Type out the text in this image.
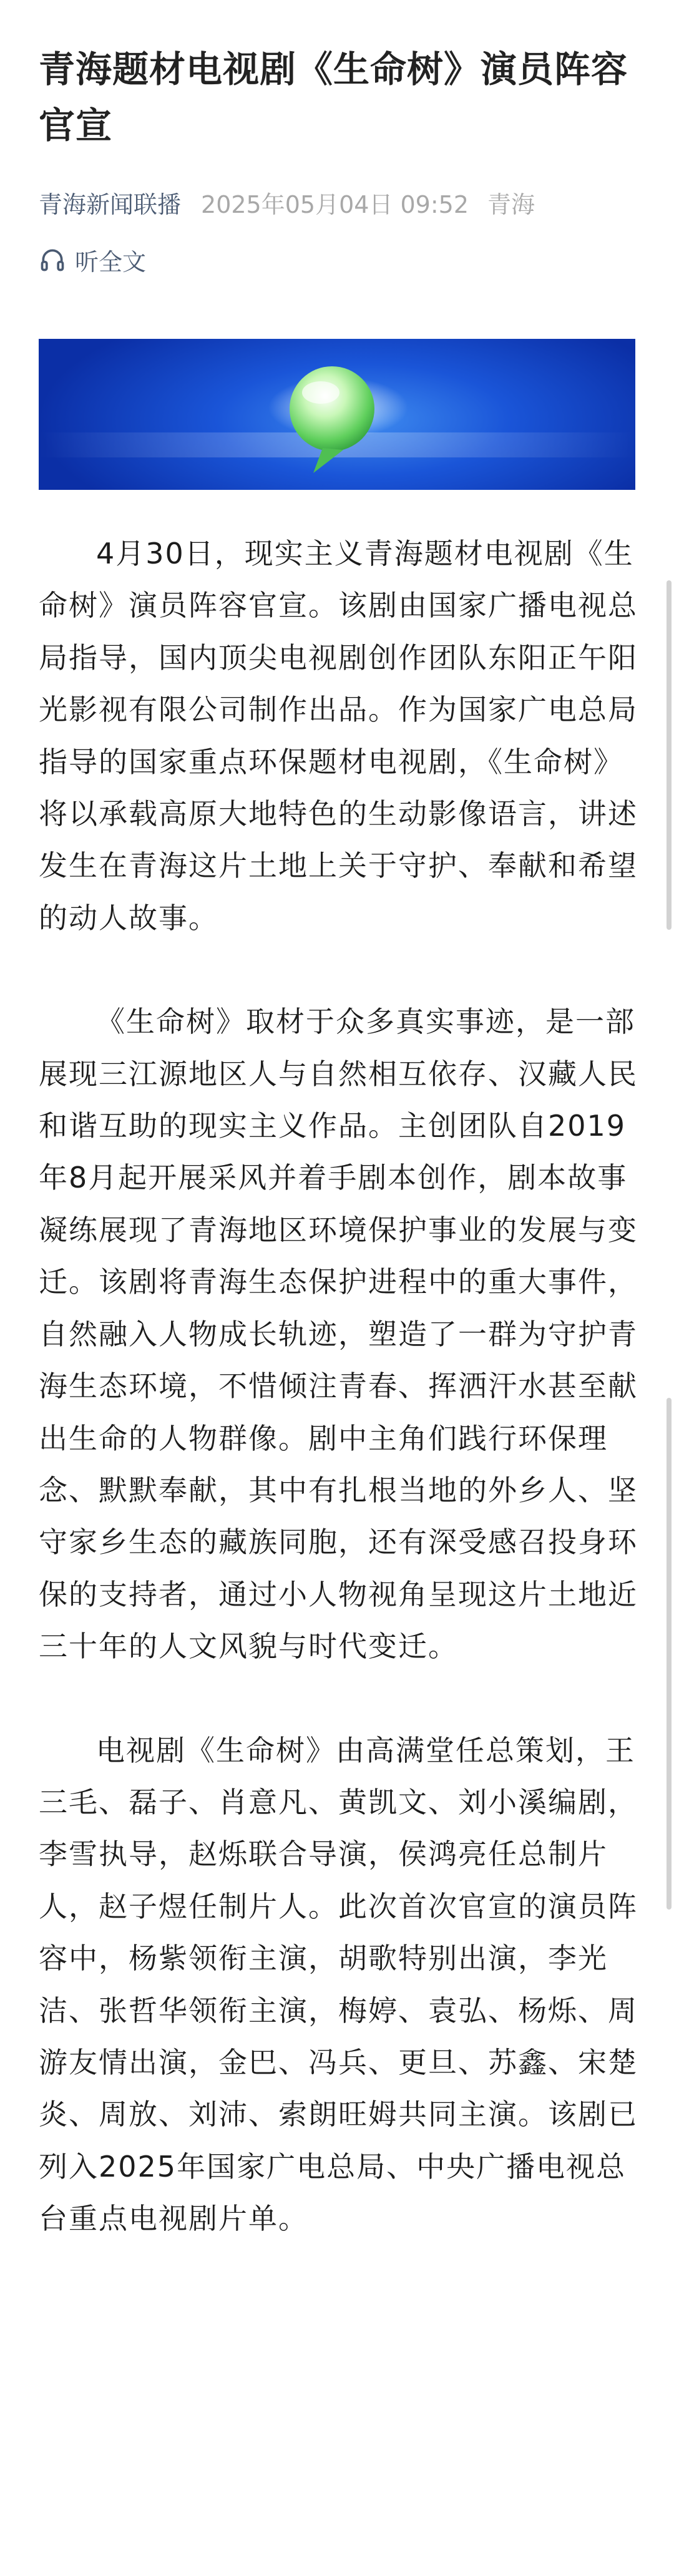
青海题材电视剧《生命树》演员阵容官宣
青海新闻联播 2025年05月04日 09:52 青海
听全文

4月30日，现实主义青海题材电视剧《生命树》演员阵容官宣。该剧由国家广播电视总局指导，国内顶尖电视剧创作团队东阳正午阳光影视有限公司制作出品。作为国家广电总局指导的国家重点环保题材电视剧，《生命树》将以承载高原大地特色的生动影像语言，讲述发生在青海这片土地上关于守护、奉献和希望的动人故事。

《生命树》取材于众多真实事迹，是一部展现三江源地区人与自然相互依存、汉藏人民和谐互助的现实主义作品。主创团队自2019年8月起开展采风并着手剧本创作，剧本故事凝练展现了青海地区环境保护事业的发展与变迁。该剧将青海生态保护进程中的重大事件，自然融入人物成长轨迹，塑造了一群为守护青海生态环境，不惜倾注青春、挥洒汗水甚至献出生命的人物群像。剧中主角们践行环保理念、默默奉献，其中有扎根当地的外乡人、坚守家乡生态的藏族同胞，还有深受感召投身环保的支持者，通过小人物视角呈现这片土地近三十年的人文风貌与时代变迁。

电视剧《生命树》由高满堂任总策划，王三毛、磊子、肖意凡、黄凯文、刘小溪编剧，李雪执导，赵烁联合导演，侯鸿亮任总制片人，赵子煜任制片人。此次首次官宣的演员阵容中，杨紫领衔主演，胡歌特别出演，李光洁、张哲华领衔主演，梅婷、袁弘、杨烁、周游友情出演，金巴、冯兵、更旦、苏鑫、宋楚炎、周放、刘沛、索朗旺姆共同主演。该剧已列入2025年国家广电总局、中央广播电视总台重点电视剧片单。
